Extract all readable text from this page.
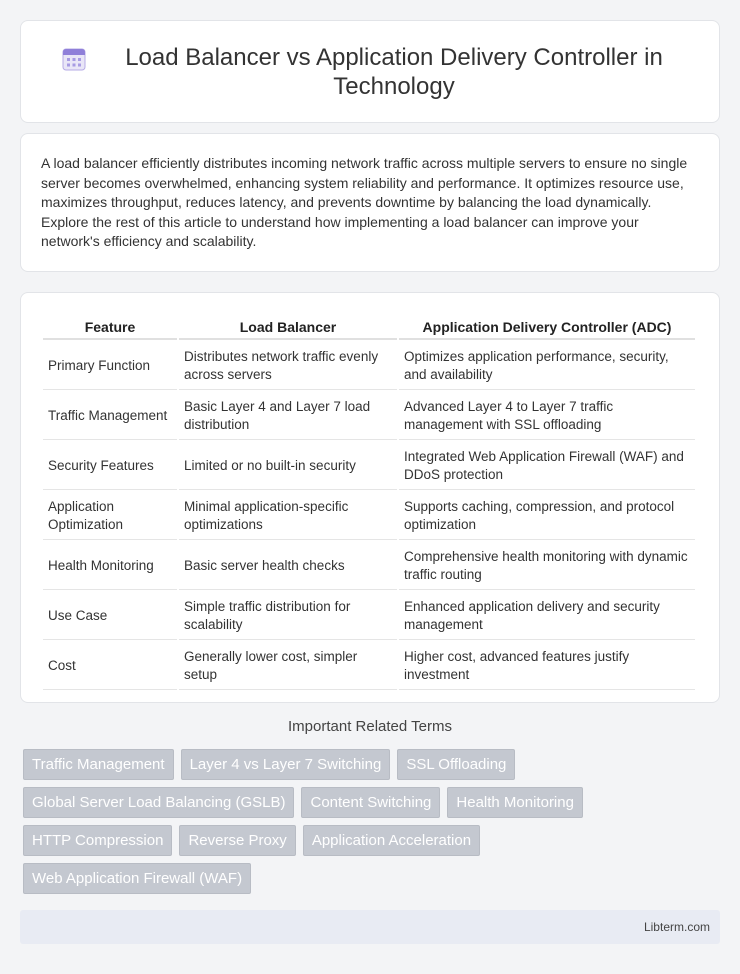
Load Balancer vs Application Delivery Controller in Technology

A load balancer efficiently distributes incoming network traffic across multiple servers to ensure no single server becomes overwhelmed, enhancing system reliability and performance. It optimizes resource use, maximizes throughput, reduces latency, and prevents downtime by balancing the load dynamically. Explore the rest of this article to understand how implementing a load balancer can improve your network's efficiency and scalability.

Feature	Load Balancer	Application Delivery Controller (ADC)
Primary Function	Distributes network traffic evenly across servers	Optimizes application performance, security, and availability
Traffic Management	Basic Layer 4 and Layer 7 load distribution	Advanced Layer 4 to Layer 7 traffic management with SSL offloading
Security Features	Limited or no built-in security	Integrated Web Application Firewall (WAF) and DDoS protection
Application Optimization	Minimal application-specific optimizations	Supports caching, compression, and protocol optimization
Health Monitoring	Basic server health checks	Comprehensive health monitoring with dynamic traffic routing
Use Case	Simple traffic distribution for scalability	Enhanced application delivery and security management
Cost	Generally lower cost, simpler setup	Higher cost, advanced features justify investment
Important Related Terms
Traffic Management	Layer 4 vs Layer 7 Switching	SSL Offloading
Global Server Load Balancing (GSLB)	Content Switching	Health Monitoring
HTTP Compression	Reverse Proxy	Application Acceleration
Web Application Firewall (WAF)
Libterm.com
